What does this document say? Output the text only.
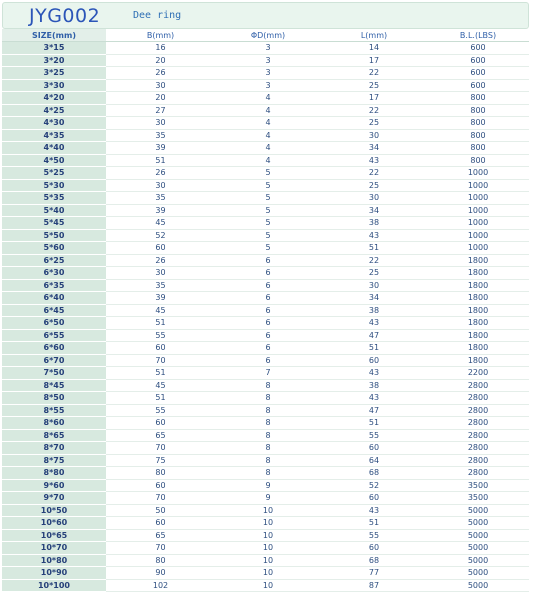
JYG002	Dee ring
SIZE(mm)	B(mm)	ΦD(mm)	L(mm)	B.L.(LBS)
3*15	16	3	14	600
3*20	20	3	17	600
3*25	26	3	22	600
3*30	30	3	25	600
4*20	20	4	17	800
4*25	27	4	22	800
4*30	30	4	25	800
4*35	35	4	30	800
4*40	39	4	34	800
4*50	51	4	43	800
5*25	26	5	22	1000
5*30	30	5	25	1000
5*35	35	5	30	1000
5*40	39	5	34	1000
5*45	45	5	38	1000
5*50	52	5	43	1000
5*60	60	5	51	1000
6*25	26	6	22	1800
6*30	30	6	25	1800
6*35	35	6	30	1800
6*40	39	6	34	1800
6*45	45	6	38	1800
6*50	51	6	43	1800
6*55	55	6	47	1800
6*60	60	6	51	1800
6*70	70	6	60	1800
7*50	51	7	43	2200
8*45	45	8	38	2800
8*50	51	8	43	2800
8*55	55	8	47	2800
8*60	60	8	51	2800
8*65	65	8	55	2800
8*70	70	8	60	2800
8*75	75	8	64	2800
8*80	80	8	68	2800
9*60	60	9	52	3500
9*70	70	9	60	3500
10*50	50	10	43	5000
10*60	60	10	51	5000
10*65	65	10	55	5000
10*70	70	10	60	5000
10*80	80	10	68	5000
10*90	90	10	77	5000
10*100	102	10	87	5000
